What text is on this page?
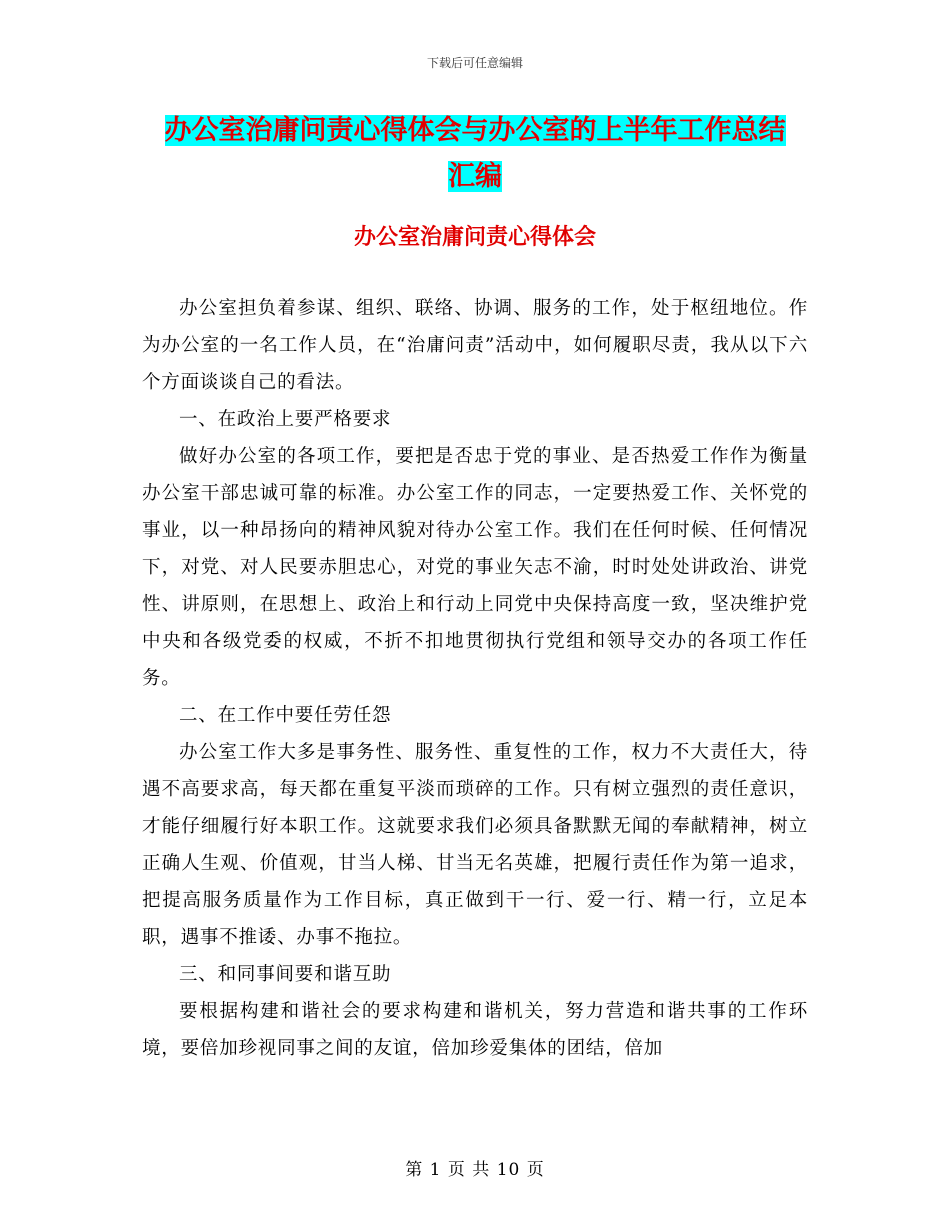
下载后可任意编辑
办公室治庸问责心得体会与办公室的上半年工作总结
汇编
办公室治庸问责心得体会

办公室担负着参谋、组织、联络、协调、服务的工作，处于枢纽地位。作为办公室的一名工作人员，在“治庸问责”活动中，如何履职尽责，我从以下六个方面谈谈自己的看法。

一、在政治上要严格要求

做好办公室的各项工作，要把是否忠于党的事业、是否热爱工作作为衡量办公室干部忠诚可靠的标准。办公室工作的同志，一定要热爱工作、关怀党的事业，以一种昂扬向的精神风貌对待办公室工作。我们在任何时候、任何情况下，对党、对人民要赤胆忠心，对党的事业矢志不渝，时时处处讲政治、讲党性、讲原则，在思想上、政治上和行动上同党中央保持高度一致，坚决维护党中央和各级党委的权威，不折不扣地贯彻执行党组和领导交办的各项工作任务。

二、在工作中要任劳任怨

办公室工作大多是事务性、服务性、重复性的工作，权力不大责任大，待遇不高要求高，每天都在重复平淡而琐碎的工作。只有树立强烈的责任意识，才能仔细履行好本职工作。这就要求我们必须具备默默无闻的奉献精神，树立正确人生观、价值观，甘当人梯、甘当无名英雄，把履行责任作为第一追求，把提高服务质量作为工作目标，真正做到干一行、爱一行、精一行，立足本职，遇事不推诿、办事不拖拉。

三、和同事间要和谐互助

要根据构建和谐社会的要求构建和谐机关，努力营造和谐共事的工作环境，要倍加珍视同事之间的友谊，倍加珍爱集体的团结，倍加

第 1 页 共 10 页
